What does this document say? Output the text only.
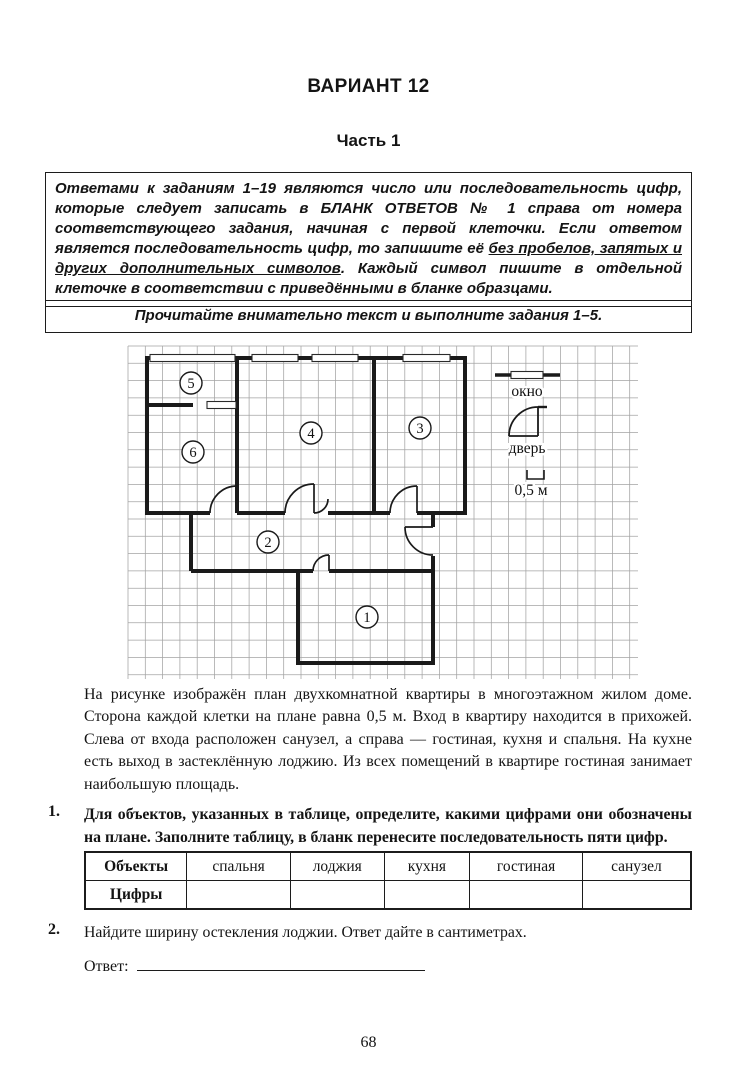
ВАРИАНТ 12
Часть 1
Ответами к заданиям 1–19 являются число или последовательность цифр, которые следует записать в БЛАНК ОТВЕТОВ № 1 справа от номера соответствующего задания, начиная с первой клеточки. Если ответом является последовательность цифр, то запишите её без пробелов, запятых и других дополнительных символов. Каждый символ пишите в отдельной клеточке в соответствии с приведёнными в бланке образцами.
Прочитайте внимательно текст и выполните задания 1–5.
1
2
3
4
5
6
окно
дверь
0,5 м

На рисунке изображён план двухкомнатной квартиры в многоэтажном жилом доме. Сторона каждой клетки на плане равна 0,5 м. Вход в квартиру находится в прихожей. Слева от входа расположен санузел, а справа — гостиная, кухня и спальня. На кухне есть выход в застеклённую лоджию. Из всех помещений в квартире гостиная занимает наибольшую площадь.

1. Для объектов, указанных в таблице, определите, какими цифрами они обозначены на плане. Заполните таблицу, в бланк перенесите последовательность пяти цифр.

Объекты	спальня	лоджия	кухня	гостиная	санузел
Цифры					
2. Найдите ширину остекления лоджии. Ответ дайте в сантиметрах.

Ответ:
68
